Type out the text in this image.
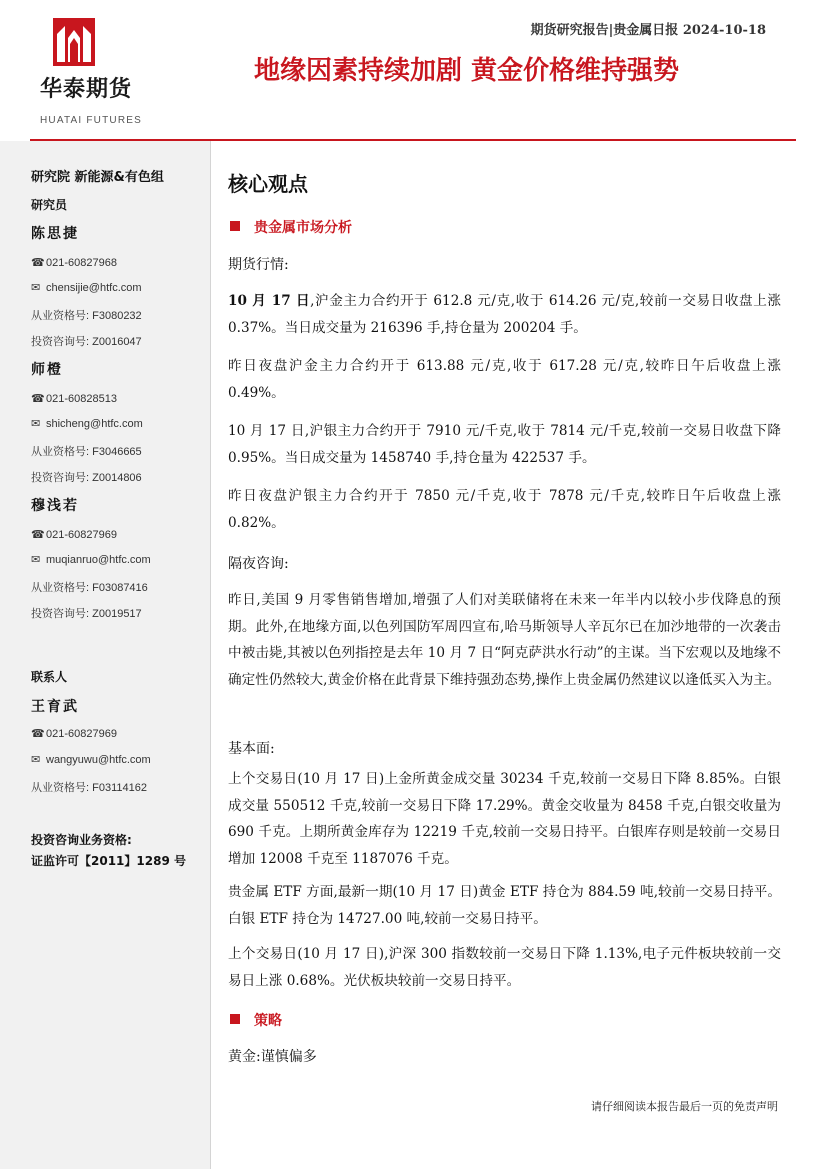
华泰期货
HUATAI FUTURES
期货研究报告|贵金属日报 2024-10-18
地缘因素持续加剧 黄金价格维持强势
研究院 新能源&有色组
研究员
陈思捷
☎021-60827968
✉ chensijie@htfc.com
从业资格号: F3080232
投资咨询号: Z0016047
师橙
☎021-60828513
✉ shicheng@htfc.com
从业资格号: F3046665
投资咨询号: Z0014806
穆浅若
☎021-60827969
✉ muqianruo@htfc.com
从业资格号: F03087416
投资咨询号: Z0019517
联系人
王育武
☎021-60827969
✉ wangyuwu@htfc.com
从业资格号: F03114162
投资咨询业务资格:
证监许可【2011】1289 号
核心观点
贵金属市场分析
期货行情:
10 月 17 日,沪金主力合约开于 612.8 元/克,收于 614.26 元/克,较前一交易日收盘上涨 0.37%。当日成交量为 216396 手,持仓量为 200204 手。
昨日夜盘沪金主力合约开于 613.88 元/克,收于 617.28 元/克,较昨日午后收盘上涨 0.49%。
10 月 17 日,沪银主力合约开于 7910 元/千克,收于 7814 元/千克,较前一交易日收盘下降 0.95%。当日成交量为 1458740 手,持仓量为 422537 手。
昨日夜盘沪银主力合约开于 7850 元/千克,收于 7878 元/千克,较昨日午后收盘上涨 0.82%。
隔夜咨询:
昨日,美国 9 月零售销售增加,增强了人们对美联储将在未来一年半内以较小步伐降息的预期。此外,在地缘方面,以色列国防军周四宣布,哈马斯领导人辛瓦尔已在加沙地带的一次袭击中被击毙,其被以色列指控是去年 10 月 7 日“阿克萨洪水行动”的主谋。当下宏观以及地缘不确定性仍然较大,黄金价格在此背景下维持强劲态势,操作上贵金属仍然建议以逢低买入为主。
基本面:
上个交易日(10 月 17 日)上金所黄金成交量 30234 千克,较前一交易日下降 8.85%。白银成交量 550512 千克,较前一交易日下降 17.29%。黄金交收量为 8458 千克,白银交收量为 690 千克。上期所黄金库存为 12219 千克,较前一交易日持平。白银库存则是较前一交易日增加 12008 千克至 1187076 千克。
贵金属 ETF 方面,最新一期(10 月 17 日)黄金 ETF 持仓为 884.59 吨,较前一交易日持平。白银 ETF 持仓为 14727.00 吨,较前一交易日持平。
上个交易日(10 月 17 日),沪深 300 指数较前一交易日下降 1.13%,电子元件板块较前一交易日上涨 0.68%。光伏板块较前一交易日持平。
策略
黄金:谨慎偏多
请仔细阅读本报告最后一页的免责声明
